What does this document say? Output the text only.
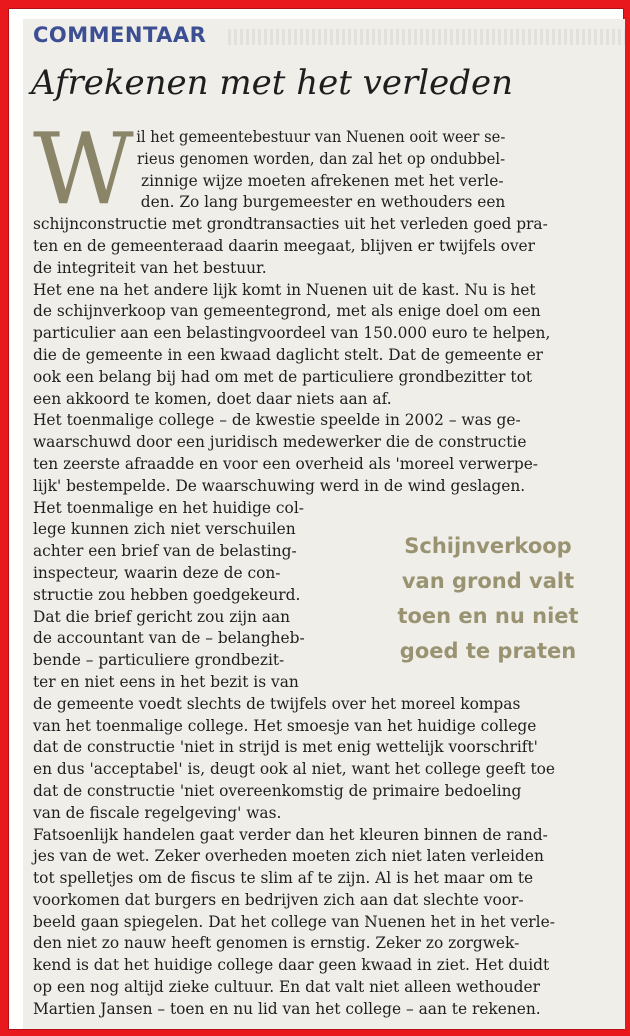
COMMENTAAR
Afrekenen met het verleden
W il het gemeentebestuur van Nuenen ooit weer se-
rieus genomen worden, dan zal het op ondubbel-
zinnige wijze moeten afrekenen met het verle-
den. Zo lang burgemeester en wethouders een
schijnconstructie met grondtransacties uit het verleden goed pra-
ten en de gemeenteraad daarin meegaat, blijven er twijfels over
de integriteit van het bestuur.
Het ene na het andere lijk komt in Nuenen uit de kast. Nu is het
de schijnverkoop van gemeentegrond, met als enige doel om een
particulier aan een belastingvoordeel van 150.000 euro te helpen,
die de gemeente in een kwaad daglicht stelt. Dat de gemeente er
ook een belang bij had om met de particuliere grondbezitter tot
een akkoord te komen, doet daar niets aan af.
Het toenmalige college – de kwestie speelde in 2002 – was ge-
waarschuwd door een juridisch medewerker die de constructie
ten zeerste afraadde en voor een overheid als 'moreel verwerpe-
lijk' bestempelde. De waarschuwing werd in de wind geslagen.
Het toenmalige en het huidige col-
lege kunnen zich niet verschuilen
achter een brief van de belasting-
inspecteur, waarin deze de con-
structie zou hebben goedgekeurd.
Dat die brief gericht zou zijn aan
de accountant van de – belangheb-
bende – particuliere grondbezit-
ter en niet eens in het bezit is van
de gemeente voedt slechts de twijfels over het moreel kompas
van het toenmalige college. Het smoesje van het huidige college
dat de constructie 'niet in strijd is met enig wettelijk voorschrift'
en dus 'acceptabel' is, deugt ook al niet, want het college geeft toe
dat de constructie 'niet overeenkomstig de primaire bedoeling
van de fiscale regelgeving' was.
Fatsoenlijk handelen gaat verder dan het kleuren binnen de rand-
jes van de wet. Zeker overheden moeten zich niet laten verleiden
tot spelletjes om de fiscus te slim af te zijn. Al is het maar om te
voorkomen dat burgers en bedrijven zich aan dat slechte voor-
beeld gaan spiegelen. Dat het college van Nuenen het in het verle-
den niet zo nauw heeft genomen is ernstig. Zeker zo zorgwek-
kend is dat het huidige college daar geen kwaad in ziet. Het duidt
op een nog altijd zieke cultuur. En dat valt niet alleen wethouder
Martien Jansen – toen en nu lid van het college – aan te rekenen.
Schijnverkoop
van grond valt
toen en nu niet
goed te praten
